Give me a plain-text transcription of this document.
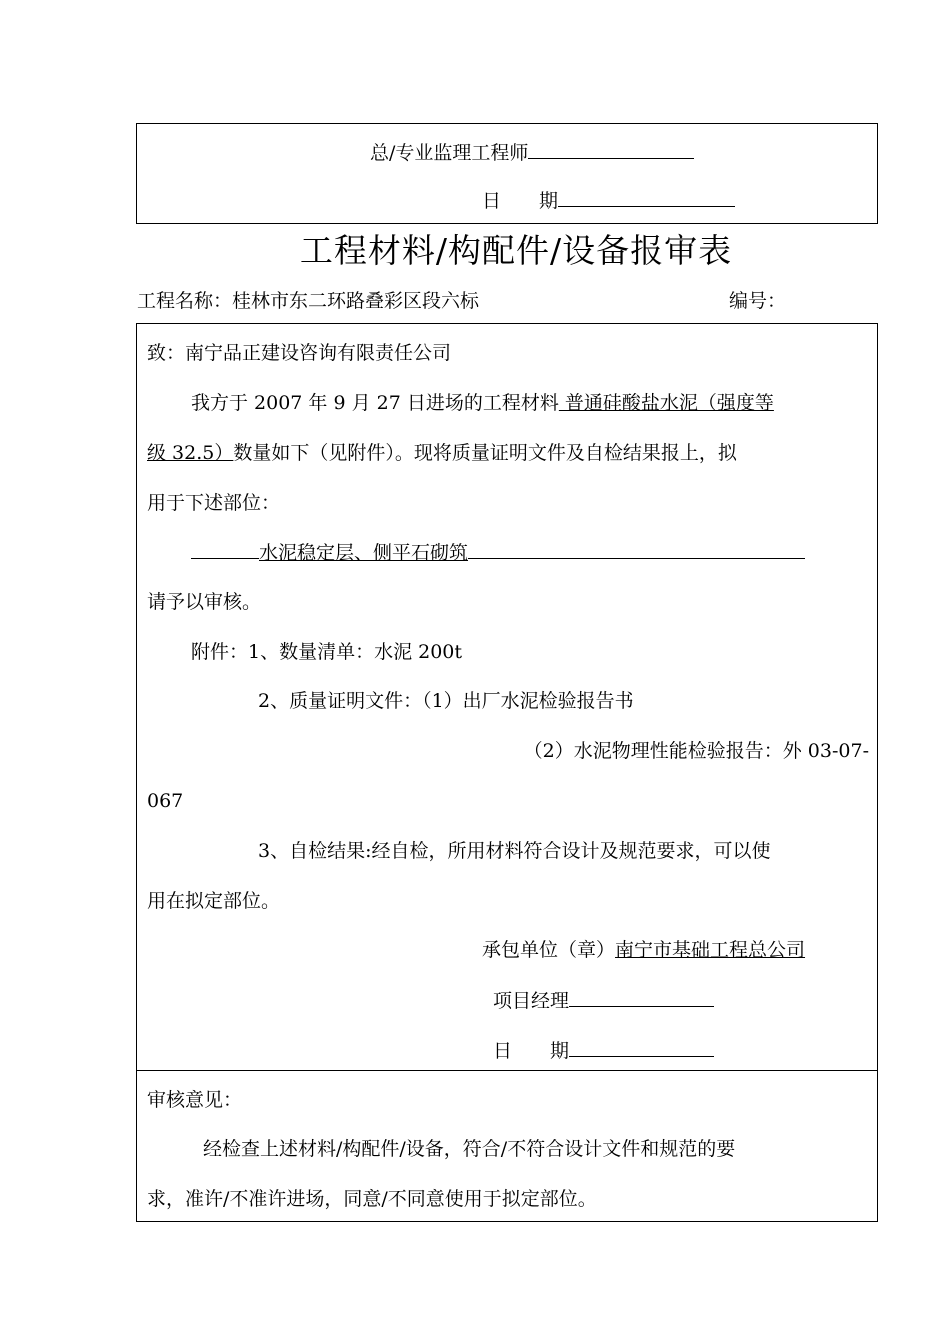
总/专业监理工程师
日　　期
工程材料/构配件/设备报审表
工程名称：桂林市东二环路叠彩区段六标	编号：
致：南宁品正建设咨询有限责任公司
我方于 2007 年 9 月 27 日进场的工程材料 普通硅酸盐水泥（强度等
级 32.5）数量如下（见附件）。现将质量证明文件及自检结果报上，拟
用于下述部位：
水泥稳定层、侧平石砌筑
请予以审核。
附件：1、数量清单：水泥 200t
2、质量证明文件：（1）出厂水泥检验报告书
（2）水泥物理性能检验报告：外 03-07-
067
3、自检结果:经自检，所用材料符合设计及规范要求，可以使
用在拟定部位。
承包单位（章）南宁市基础工程总公司
项目经理
日　　期
审核意见：
经检查上述材料/构配件/设备，符合/不符合设计文件和规范的要
求，准许/不准许进场，同意/不同意使用于拟定部位。
